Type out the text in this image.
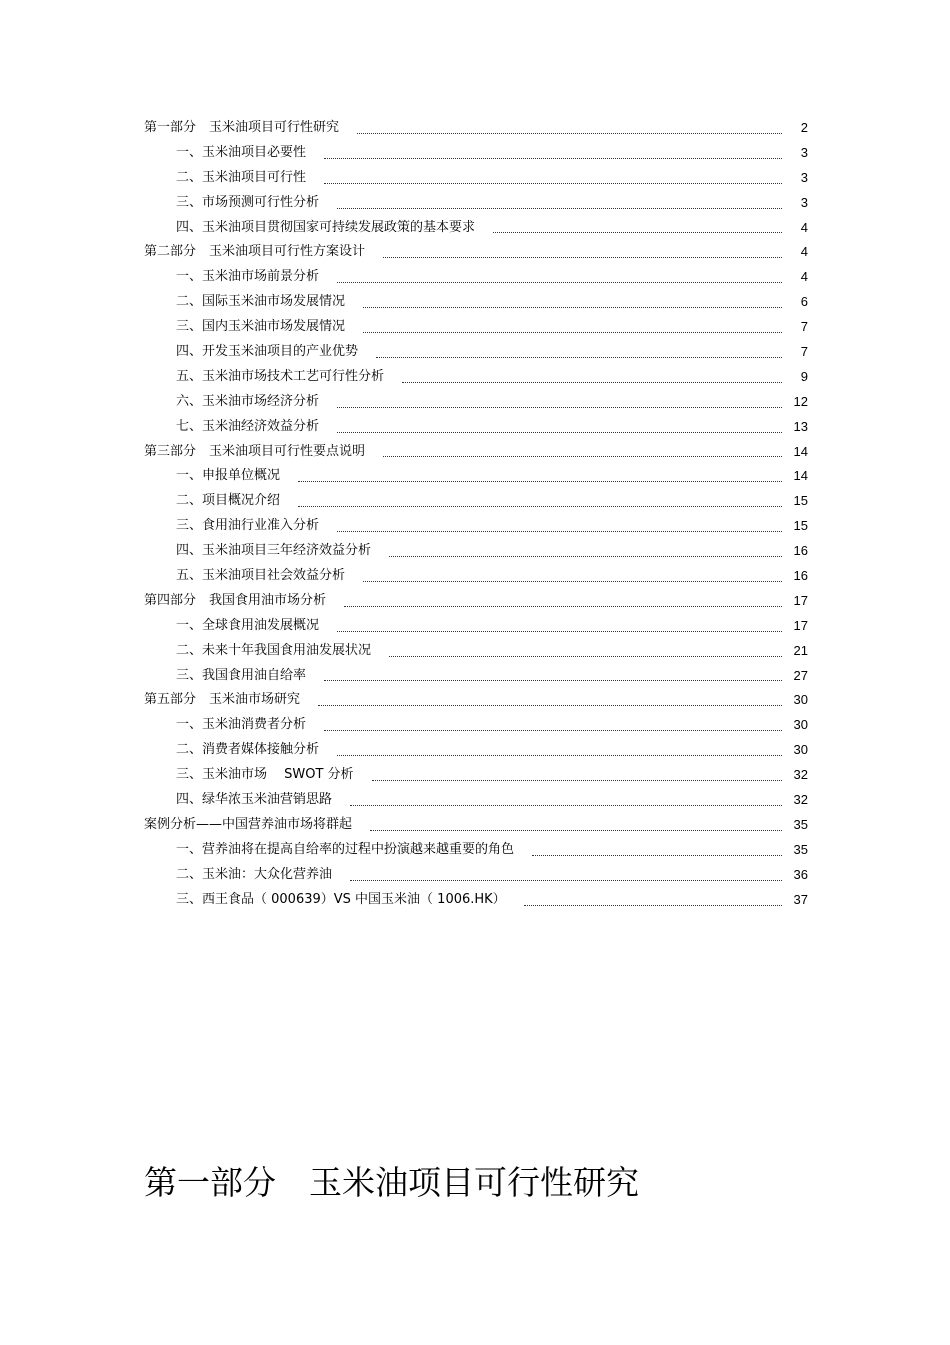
第一部分　玉米油项目可行性研究	2
一、玉米油项目必要性	3
二、玉米油项目可行性	3
三、市场预测可行性分析	3
四、玉米油项目贯彻国家可持续发展政策的基本要求	4
第二部分　玉米油项目可行性方案设计	4
一、玉米油市场前景分析	4
二、国际玉米油市场发展情况	6
三、国内玉米油市场发展情况	7
四、开发玉米油项目的产业优势	7
五、玉米油市场技术工艺可行性分析	9
六、玉米油市场经济分析	12
七、玉米油经济效益分析	13
第三部分　玉米油项目可行性要点说明	14
一、申报单位概况	14
二、项目概况介绍	15
三、食用油行业准入分析	15
四、玉米油项目三年经济效益分析	16
五、玉米油项目社会效益分析	16
第四部分　我国食用油市场分析	17
一、全球食用油发展概况	17
二、未来十年我国食用油发展状况	21
三、我国食用油自给率	27
第五部分　玉米油市场研究	30
一、玉米油消费者分析	30
二、消费者媒体接触分析	30
三、玉米油市场　 SWOT 分析	32
四、绿华浓玉米油营销思路	32
案例分析——中国营养油市场将群起	35
一、营养油将在提高自给率的过程中扮演越来越重要的角色	35
二、玉米油：大众化营养油	36
三、西王食品（ 000639）VS 中国玉米油（ 1006.HK）	37
第一部分　玉米油项目可行性研究
